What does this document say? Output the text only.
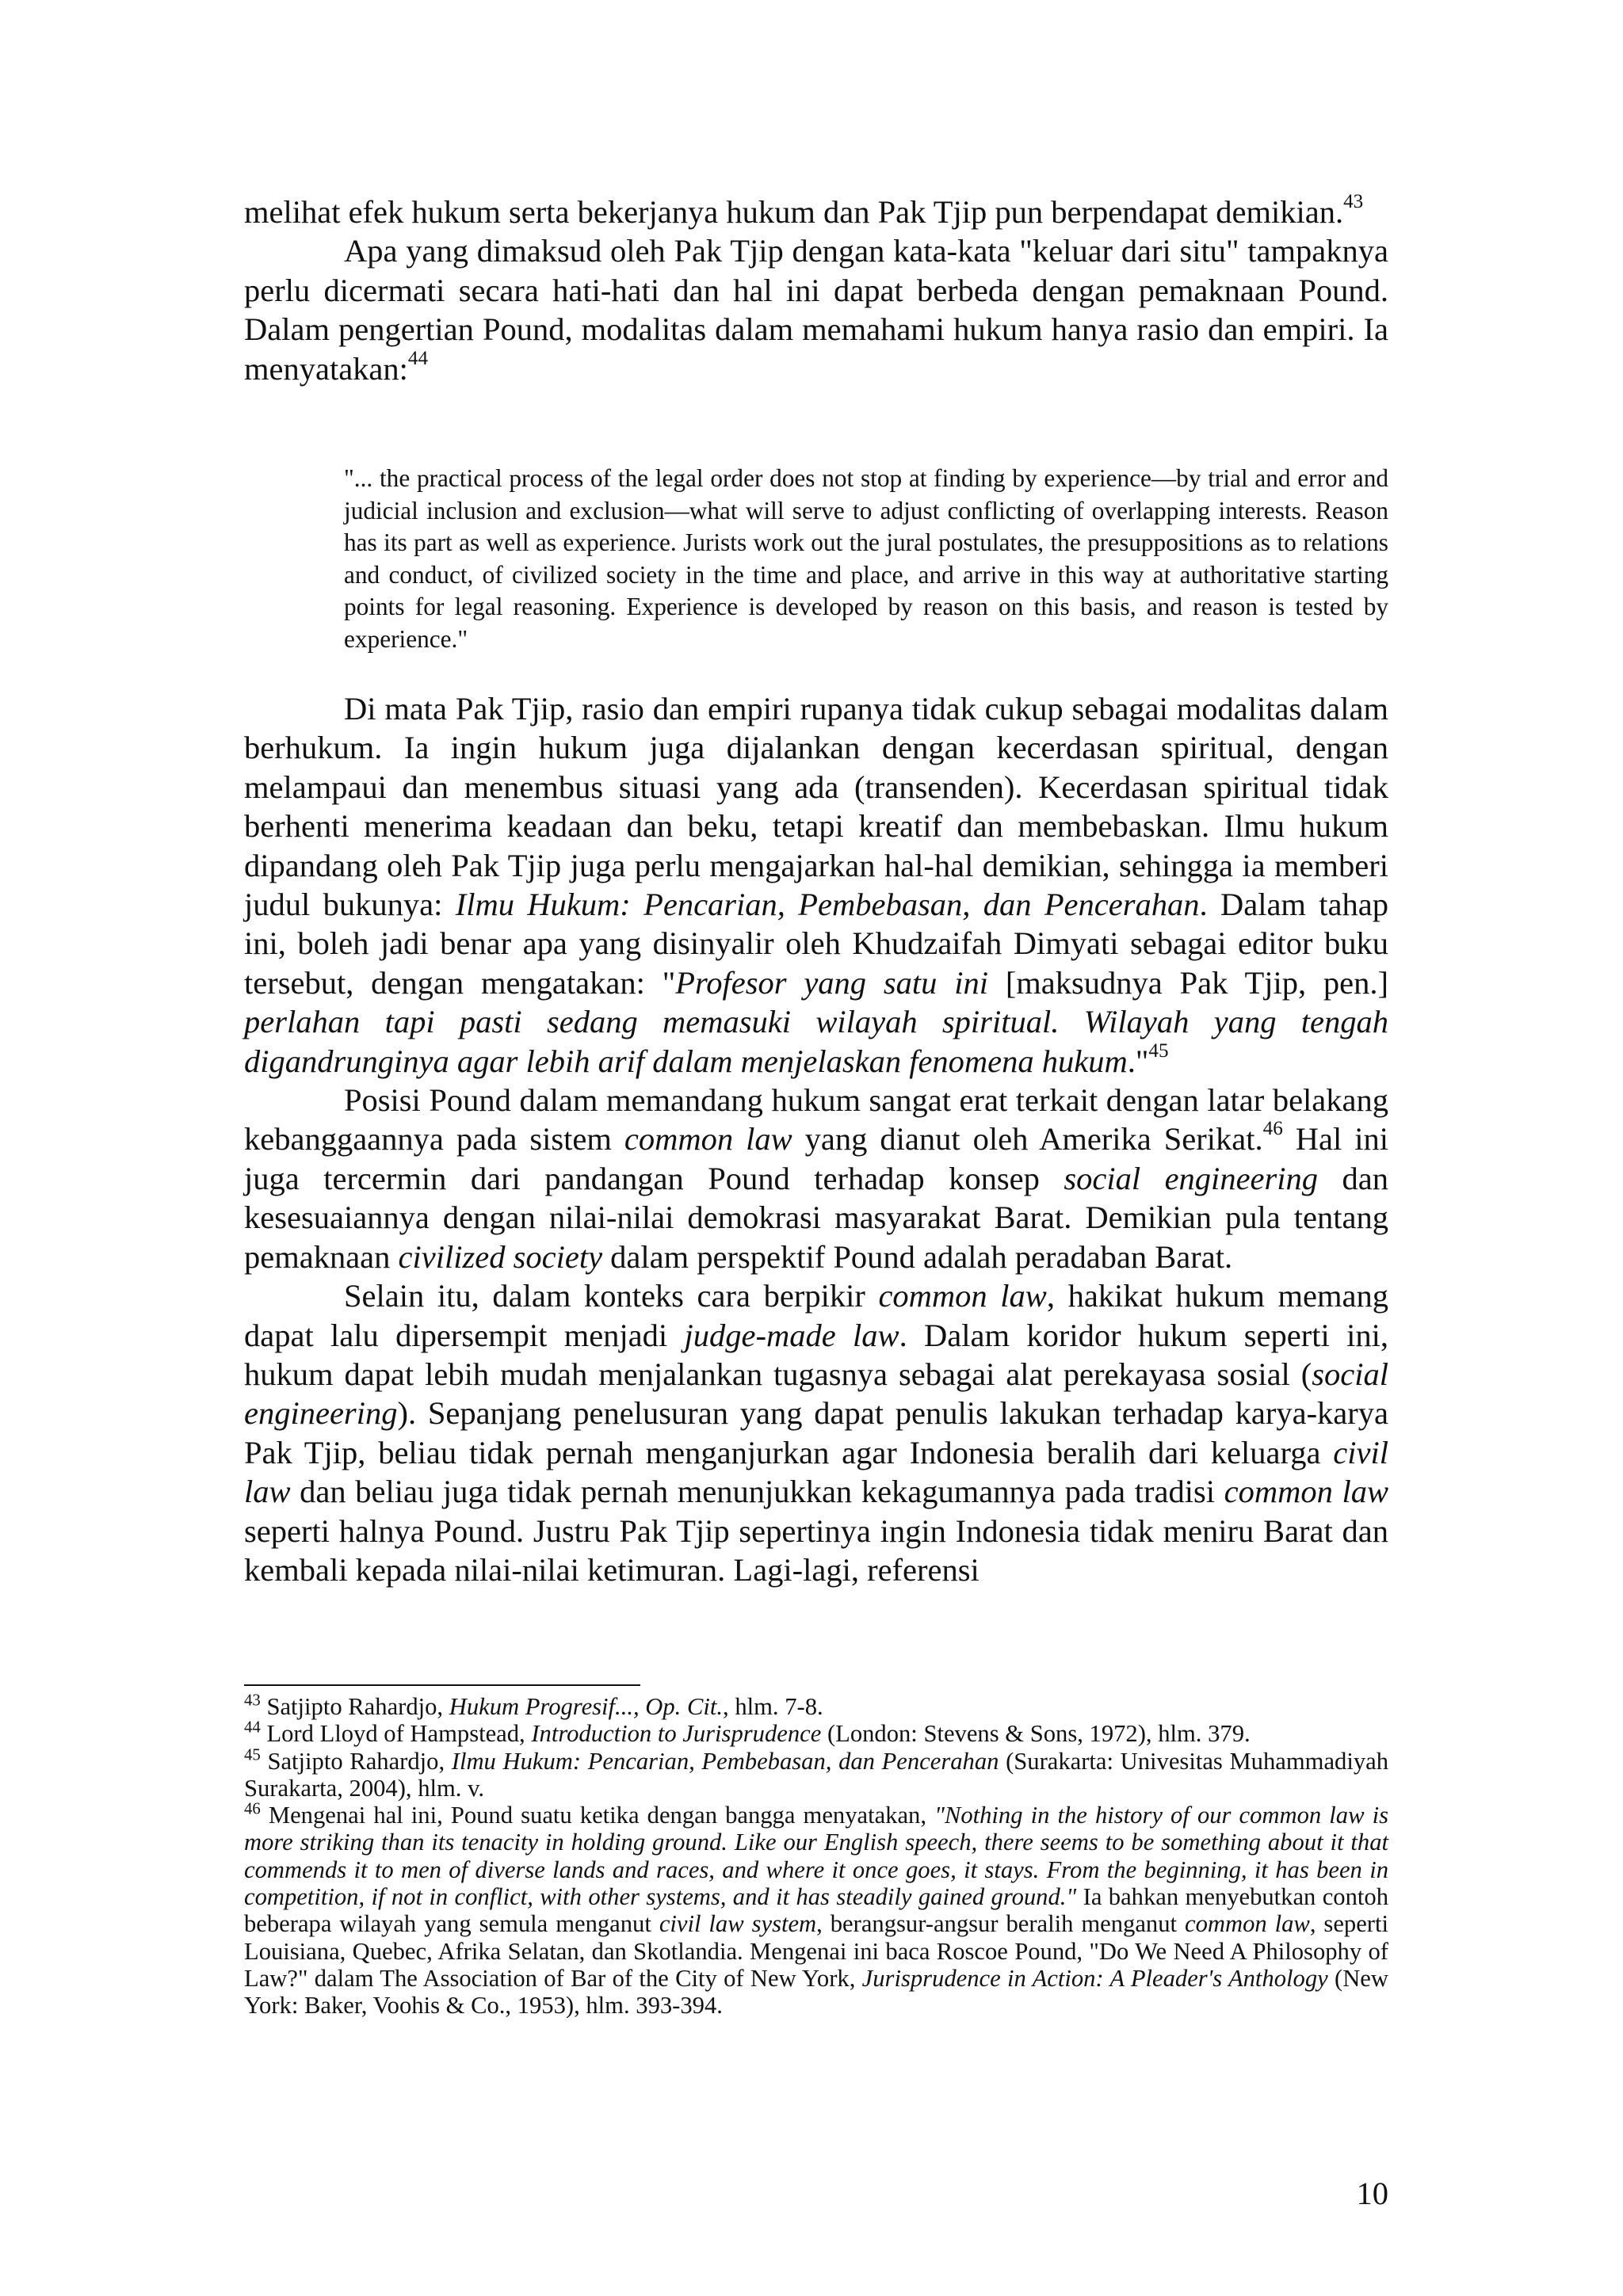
melihat efek hukum serta bekerjanya hukum dan Pak Tjip pun berpendapat demikian.$^{43}$

Apa yang dimaksud oleh Pak Tjip dengan kata-kata "keluar dari situ" tampaknya perlu dicermati secara hati-hati dan hal ini dapat berbeda dengan pemaknaan Pound. Dalam pengertian Pound, modalitas dalam memahami hukum hanya rasio dan empiri. Ia menyatakan:$^{44}$

"... the practical process of the legal order does not stop at finding by experience—by trial and error and judicial inclusion and exclusion—what will serve to adjust conflicting of overlapping interests. Reason has its part as well as experience. Jurists work out the jural postulates, the presuppositions as to relations and conduct, of civilized society in the time and place, and arrive in this way at authoritative starting points for legal reasoning. Experience is developed by reason on this basis, and reason is tested by experience."

Di mata Pak Tjip, rasio dan empiri rupanya tidak cukup sebagai modalitas dalam berhukum. Ia ingin hukum juga dijalankan dengan kecerdasan spiritual, dengan melampaui dan menembus situasi yang ada (transenden). Kecerdasan spiritual tidak berhenti menerima keadaan dan beku, tetapi kreatif dan membebaskan. Ilmu hukum dipandang oleh Pak Tjip juga perlu mengajarkan hal-hal demikian, sehingga ia memberi judul bukunya: Ilmu Hukum: Pencarian, Pembebasan, dan Pencerahan. Dalam tahap ini, boleh jadi benar apa yang disinyalir oleh Khudzaifah Dimyati sebagai editor buku tersebut, dengan mengatakan: "Profesor yang satu ini [maksudnya Pak Tjip, pen.] perlahan tapi pasti sedang memasuki wilayah spiritual. Wilayah yang tengah digandrunginya agar lebih arif dalam menjelaskan fenomena hukum."$^{45}$

Posisi Pound dalam memandang hukum sangat erat terkait dengan latar belakang kebanggaannya pada sistem common law yang dianut oleh Amerika Serikat.$^{46}$ Hal ini juga tercermin dari pandangan Pound terhadap konsep social engineering dan kesesuaiannya dengan nilai-nilai demokrasi masyarakat Barat. Demikian pula tentang pemaknaan civilized society dalam perspektif Pound adalah peradaban Barat.

Selain itu, dalam konteks cara berpikir common law, hakikat hukum memang dapat lalu dipersempit menjadi judge-made law. Dalam koridor hukum seperti ini, hukum dapat lebih mudah menjalankan tugasnya sebagai alat perekayasa sosial (social engineering). Sepanjang penelusuran yang dapat penulis lakukan terhadap karya-karya Pak Tjip, beliau tidak pernah menganjurkan agar Indonesia beralih dari keluarga civil law dan beliau juga tidak pernah menunjukkan kekagumannya pada tradisi common law seperti halnya Pound. Justru Pak Tjip sepertinya ingin Indonesia tidak meniru Barat dan kembali kepada nilai-nilai ketimuran. Lagi-lagi, referensi

$^{43}$ Satjipto Rahardjo, Hukum Progresif..., Op. Cit., hlm. 7-8.

$^{44}$ Lord Lloyd of Hampstead, Introduction to Jurisprudence (London: Stevens & Sons, 1972), hlm. 379.

$^{45}$ Satjipto Rahardjo, Ilmu Hukum: Pencarian, Pembebasan, dan Pencerahan (Surakarta: Univesitas Muhammadiyah Surakarta, 2004), hlm. v.

$^{46}$ Mengenai hal ini, Pound suatu ketika dengan bangga menyatakan, "Nothing in the history of our common law is more striking than its tenacity in holding ground. Like our English speech, there seems to be something about it that commends it to men of diverse lands and races, and where it once goes, it stays. From the beginning, it has been in competition, if not in conflict, with other systems, and it has steadily gained ground." Ia bahkan menyebutkan contoh beberapa wilayah yang semula menganut civil law system, berangsur-angsur beralih menganut common law, seperti Louisiana, Quebec, Afrika Selatan, dan Skotlandia. Mengenai ini baca Roscoe Pound, "Do We Need A Philosophy of Law?" dalam The Association of Bar of the City of New York, Jurisprudence in Action: A Pleader's Anthology (New York: Baker, Voohis & Co., 1953), hlm. 393-394.

10
